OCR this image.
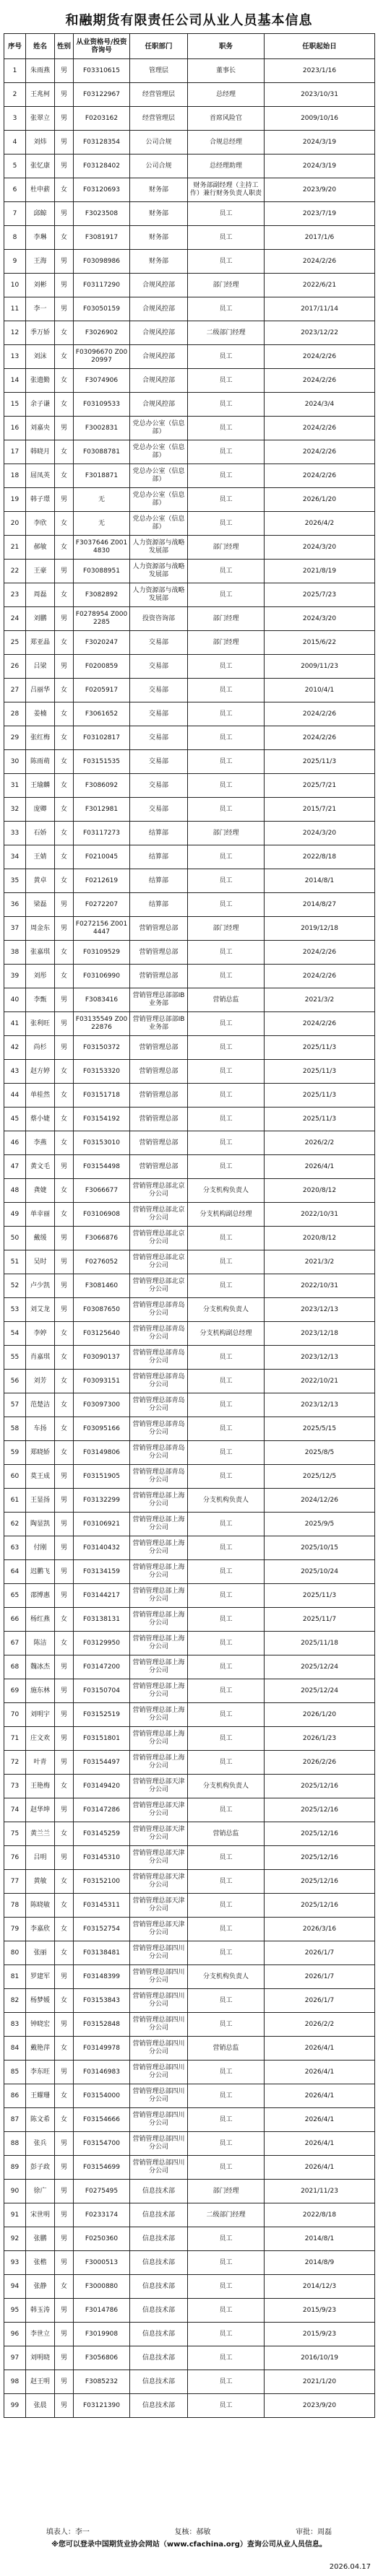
和融期货有限责任公司从业人员基本信息
序号	姓名	性别	从业资格号/投资咨询号	任职部门	职务	任职起始日
1	朱雨燕	男	F03310615	管理层	董事长	2023/1/16
2	王兆柯	男	F03122967	经营管理层	总经理	2023/10/31
3	张翠立	男	F0203162	经营管理层	首席风险官	2009/10/16
4	刘炜	男	F03128354	公司合规	合规总经理	2024/3/19
5	张忆康	男	F03128402	公司合规	总经理助理	2024/3/19
6	杜申薪	女	F03120693	财务部	财务部副经理（主持工作）兼行财务负责人职责	2023/9/20
7	邱鲸	男	F3023508	财务部	员工	2023/7/19
8	李琳	女	F3081917	财务部	员工	2017/1/6
9	王海	男	F03098986	财务部	员工	2024/2/26
10	刘彬	男	F03117290	合规风控部	部门经理	2022/6/21
11	李一	男	F03050159	合规风控部	员工	2017/11/14
12	季万娇	女	F3026902	合规风控部	二级部门经理	2023/12/22
13	刘沫	女	F03096670 Z0020997	合规风控部	员工	2024/2/26
14	张遗勤	女	F3074906	合规风控部	员工	2024/2/26
15	余子谦	女	F03109533	合规风控部	员工	2024/3/4
16	刘嘉央	男	F3002831	党总办公室（信息部）	员工	2024/2/26
17	韩晓月	女	F03088781	党总办公室（信息部）	员工	2024/2/26
18	屈凤英	女	F3018871	党总办公室（信息部）	员工	2024/2/26
19	韩子璟	男	无	党总办公室（信息部）	员工	2026/1/20
20	李欣	女	无	党总办公室（信息部）	员工	2026/4/2
21	郝敏	女	F3037646 Z0014830	人力资源部与战略发展部	部门经理	2024/3/20
22	王豪	男	F03088951	人力资源部与战略发展部	员工	2021/8/19
23	周磊	女	F3082892	人力资源部与战略发展部	员工	2025/7/23
24	刘鹏	男	F0278954 Z0002285	投资咨询部	部门经理	2024/3/20
25	郑亚晶	女	F3020247	交易部	部门经理	2015/6/22
26	吕梁	男	F0200859	交易部	员工	2009/11/23
27	吕丽华	女	F0205917	交易部	员工	2010/4/1
28	姜楠	女	F3061652	交易部	员工	2024/2/26
29	张红梅	女	F03102817	交易部	员工	2024/2/26
30	陈雨萌	女	F03151535	交易部	员工	2025/11/3
31	王瑜麟	女	F3086092	交易部	员工	2025/7/21
32	庞卿	女	F3012981	交易部	员工	2015/7/21
33	石娇	女	F03117273	结算部	部门经理	2024/3/20
34	王婧	女	F0210045	结算部	员工	2022/8/18
35	黄卓	女	F0212619	结算部	员工	2014/8/1
36	梁磊	男	F0272207	结算部	员工	2014/8/27
37	周金东	男	F0272156 Z0014447	营销管理总部	部门经理	2019/12/18
38	张嘉琪	女	F03109529	营销管理总部	员工	2024/2/26
39	刘彤	女	F03106990	营销管理总部	员工	2024/2/26
40	李甄	男	F3083416	营销管理总部部IB业务部	营销总监	2021/3/2
41	张利旺	男	F03135549 Z0022876	营销管理总部部IB业务部	员工	2024/2/26
42	尚杉	男	F03150372	营销管理总部	员工	2025/11/3
43	赵方婷	女	F03153320	营销管理总部	员工	2025/11/3
44	单桂然	女	F03151718	营销管理总部	员工	2025/11/3
45	蔡小婕	女	F03154192	营销管理总部	员工	2025/11/3
46	李燕	女	F03153010	营销管理总部	员工	2026/2/2
47	黄文毛	男	F03154498	营销管理总部	员工	2026/4/1
48	龚婕	女	F3066677	营销管理总部北京分公司	分支机构负责人	2020/8/12
49	单幸丽	女	F03106908	营销管理总部北京分公司	分支机构副总经理	2022/10/31
50	戴缓	男	F3066876	营销管理总部北京分公司	员工	2020/8/12
51	吴时	男	F0276052	营销管理总部北京分公司	员工	2021/3/2
52	卢少凯	男	F3081460	营销管理总部北京分公司	员工	2022/10/31
53	刘艾龙	男	F03087650	营销管理总部青岛分公司	分支机构负责人	2023/12/13
54	李婷	女	F03125640	营销管理总部青岛分公司	分支机构副总经理	2023/12/18
55	肖嘉琪	女	F03090137	营销管理总部青岛分公司	员工	2023/12/13
56	刘芳	女	F03093151	营销管理总部青岛分公司	员工	2022/10/21
57	范楚洁	女	F03097300	营销管理总部青岛分公司	员工	2023/12/13
58	车扬	女	F03095166	营销管理总部青岛分公司	员工	2025/5/15
59	郑晓娇	女	F03149806	营销管理总部青岛分公司	员工	2025/8/5
60	莫王成	男	F03151905	营销管理总部青岛分公司	员工	2025/12/5
61	王显扬	男	F03132299	营销管理总部上海分公司	分支机构负责人	2024/12/26
62	陶显凯	男	F03106921	营销管理总部上海分公司	员工	2025/9/5
63	付刚	男	F03140432	营销管理总部上海分公司	员工	2025/10/15
64	迟鹏飞	男	F03134159	营销管理总部上海分公司	员工	2025/10/24
65	邵博惠	男	F03144217	营销管理总部上海分公司	员工	2025/11/3
66	杨红燕	女	F03138131	营销管理总部上海分公司	员工	2025/11/7
67	陈洁	女	F03129950	营销管理总部上海分公司	员工	2025/11/18
68	魏冰杰	男	F03147200	营销管理总部上海分公司	员工	2025/12/24
69	施东林	男	F03150704	营销管理总部上海分公司	员工	2025/12/24
70	刘明宇	男	F03152519	营销管理总部上海分公司	员工	2026/1/20
71	庄文欢	男	F03151801	营销管理总部上海分公司	员工	2026/1/23
72	叶青	男	F03154497	营销管理总部上海分公司	员工	2026/2/26
73	王艳梅	女	F03149420	营销管理总部天津分公司	分支机构负责人	2025/12/16
74	赵华坤	男	F03147286	营销管理总部天津分公司	员工	2025/12/16
75	黄兰兰	女	F03145259	营销管理总部天津分公司	营销总监	2025/12/16
76	吕明	男	F03145310	营销管理总部天津分公司	员工	2025/12/16
77	黄敏	女	F03152100	营销管理总部天津分公司	员工	2025/12/16
78	陈晓敏	女	F03145311	营销管理总部天津分公司	员工	2025/12/16
79	李嘉欣	女	F03152754	营销管理总部天津分公司	员工	2026/3/16
80	张丽	女	F03138481	营销管理总部四川分公司	员工	2026/1/7
81	罗建军	男	F03148399	营销管理总部四川分公司	分支机构负责人	2026/1/7
82	杨梦媛	女	F03153843	营销管理总部四川分公司	员工	2026/1/7
83	钟晓宏	男	F03152848	营销管理总部四川分公司	员工	2026/2/2
84	戴艳萍	女	F03149978	营销管理总部四川分公司	营销总监	2026/4/1
85	李东旺	男	F03146983	营销管理总部四川分公司	员工	2026/4/1
86	王耀珊	女	F03154000	营销管理总部四川分公司	员工	2026/4/1
87	陈文希	女	F03154666	营销管理总部四川分公司	员工	2026/4/1
88	张兵	男	F03154700	营销管理总部四川分公司	员工	2026/4/1
89	彭子政	男	F03154699	营销管理总部四川分公司	员工	2026/4/1
90	徐广	男	F0275495	信息技术部	部门经理	2021/11/23
91	宋世明	男	F0233174	信息技术部	二级部门经理	2022/8/18
92	张鹏	男	F0250360	信息技术部	员工	2014/8/1
93	张楷	男	F3000513	信息技术部	员工	2014/8/9
94	张静	女	F3000880	信息技术部	员工	2014/12/3
95	韩玉涛	男	F3014786	信息技术部	员工	2015/9/23
96	李世立	男	F3019908	信息技术部	员工	2015/9/23
97	刘明晓	男	F3056806	信息技术部	员工	2016/10/19
98	赵王明	男	F3085232	信息技术部	员工	2021/1/20
99	张晨	男	F03121390	信息技术部	员工	2023/9/20
填表人：李一	复核：郝敏	审批：周磊
※您可以登录中国期货业协会网站（www.cfachina.org）查询公司从业人员信息。
2026.04.17
